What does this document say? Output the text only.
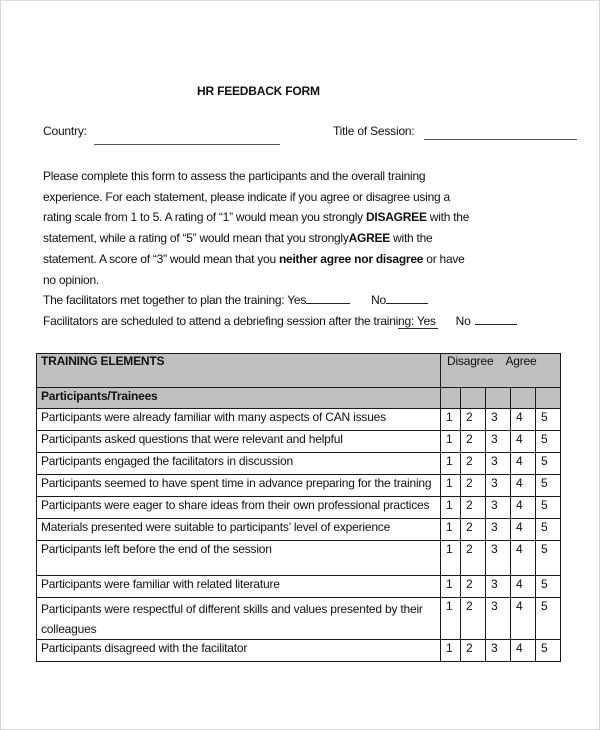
HR FEEDBACK FORM
Country:	Title of Session:

Please complete this form to assess the participants and the overall training

experience. For each statement, please indicate if you agree or disagree using a

rating scale from 1 to 5. A rating of “1” would mean you strongly DISAGREE with the

statement, while a rating of “5” would mean that you stronglyAGREE with the

statement. A score of “3” would mean that you neither agree nor disagree or have

no opinion.

The facilitators met together to plan the training: Yes	No

Facilitators are scheduled to attend a debriefing session after the training: Yes No

TRAINING ELEMENTS	Disagree Agree				
Participants/Trainees					
Participants were already familiar with many aspects of CAN issues	1	2	3	4	5
Participants asked questions that were relevant and helpful	1	2	3	4	5
Participants engaged the facilitators in discussion	1	2	3	4	5
Participants seemed to have spent time in advance preparing for the training	1	2	3	4	5
Participants were eager to share ideas from their own professional practices	1	2	3	4	5
Materials presented were suitable to participants’ level of experience	1	2	3	4	5
Participants left before the end of the session	1	2	3	4	5
Participants were familiar with related literature	1	2	3	4	5
Participants were respectful of different skills and values presented by their colleagues	1	2	3	4	5
Participants disagreed with the facilitator	1	2	3	4	5
